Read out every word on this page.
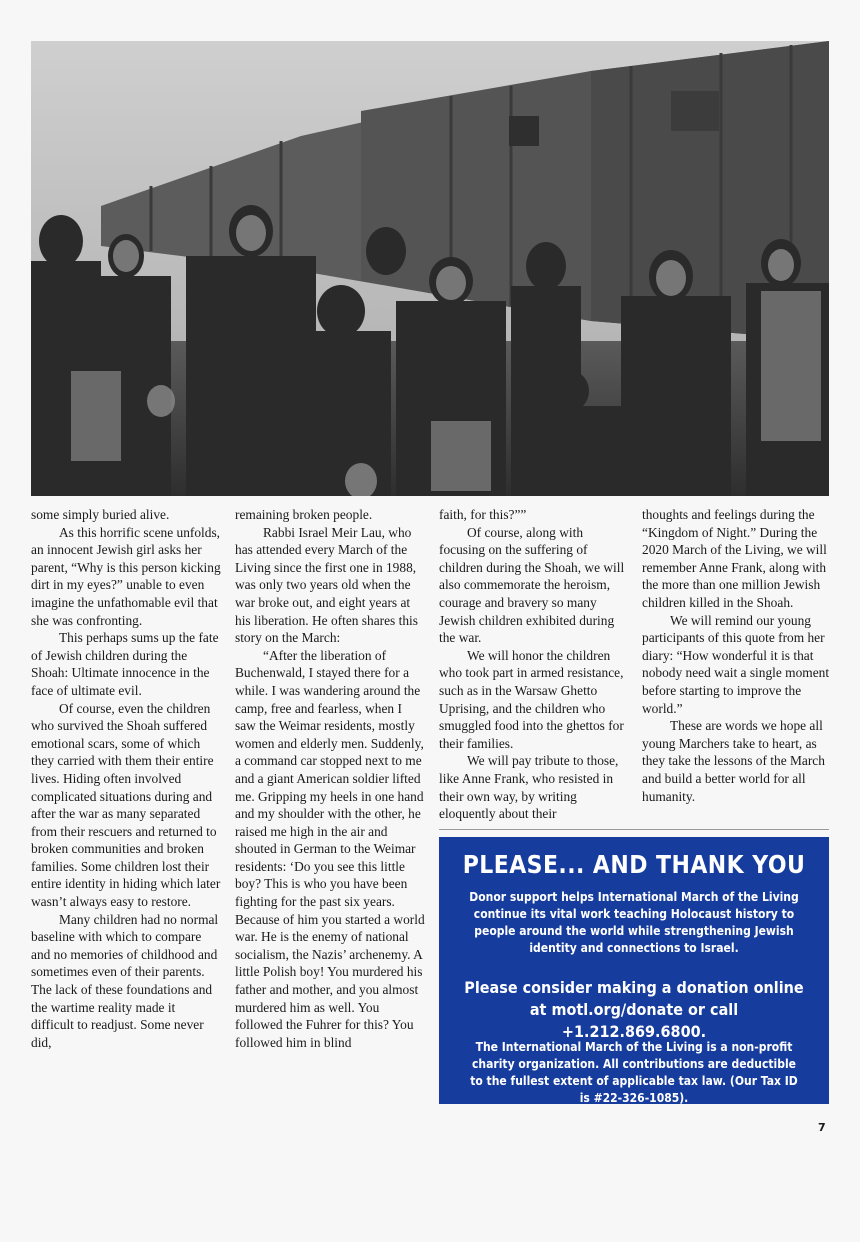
some simply buried alive.

As this horrific scene unfolds, an innocent Jewish girl asks her parent, “Why is this person kicking dirt in my eyes?” unable to even imagine the unfathomable evil that she was confronting.

This perhaps sums up the fate of Jewish children during the Shoah: Ultimate innocence in the face of ultimate evil.

Of course, even the children who survived the Shoah suffered emotional scars, some of which they carried with them their entire lives. Hiding often involved complicated situations during and after the war as many separated from their rescuers and returned to broken communities and broken families. Some children lost their entire identity in hiding which later wasn’t always easy to restore.

Many children had no normal baseline with which to compare and no memories of childhood and sometimes even of their parents. The lack of these foundations and the wartime reality made it difficult to readjust. Some never did,

remaining broken people.

Rabbi Israel Meir Lau, who has attended every March of the Living since the first one in 1988, was only two years old when the war broke out, and eight years at his liberation. He often shares this story on the March:

“After the liberation of Buchenwald, I stayed there for a while. I was wandering around the camp, free and fearless, when I saw the Weimar residents, mostly women and elderly men. Suddenly, a command car stopped next to me and a giant American soldier lifted me. Gripping my heels in one hand and my shoulder with the other, he raised me high in the air and shouted in German to the Weimar residents: ‘Do you see this little boy? This is who you have been fighting for the past six years. Because of him you started a world war. He is the enemy of national socialism, the Nazis’ archenemy. A little Polish boy! You murdered his father and mother, and you almost murdered him as well. You followed the Fuhrer for this? You followed him in blind

faith, for this?””

Of course, along with focusing on the suffering of children during the Shoah, we will also commemorate the heroism, courage and bravery so many Jewish children exhibited during the war.

We will honor the children who took part in armed resistance, such as in the Warsaw Ghetto Uprising, and the children who smuggled food into the ghettos for their families.

We will pay tribute to those, like Anne Frank, who resisted in their own way, by writing eloquently about their

thoughts and feelings during the “Kingdom of Night.” During the 2020 March of the Living, we will remember Anne Frank, along with the more than one million Jewish children killed in the Shoah.

We will remind our young participants of this quote from her diary: “How wonderful it is that nobody need wait a single moment before starting to improve the world.”

These are words we hope all young Marchers take to heart, as they take the lessons of the March and build a better world for all humanity.

PLEASE... AND THANK YOU
Donor support helps International March of the Living continue its vital work teaching Holocaust history to people around the world while strengthening Jewish identity and connections to Israel.
Please consider making a donation online at motl.org/donate or call +1.212.869.6800.
The International March of the Living is a non-profit charity organization. All contributions are deductible to the fullest extent of applicable tax law. (Our Tax ID is #22-326-1085).
7
